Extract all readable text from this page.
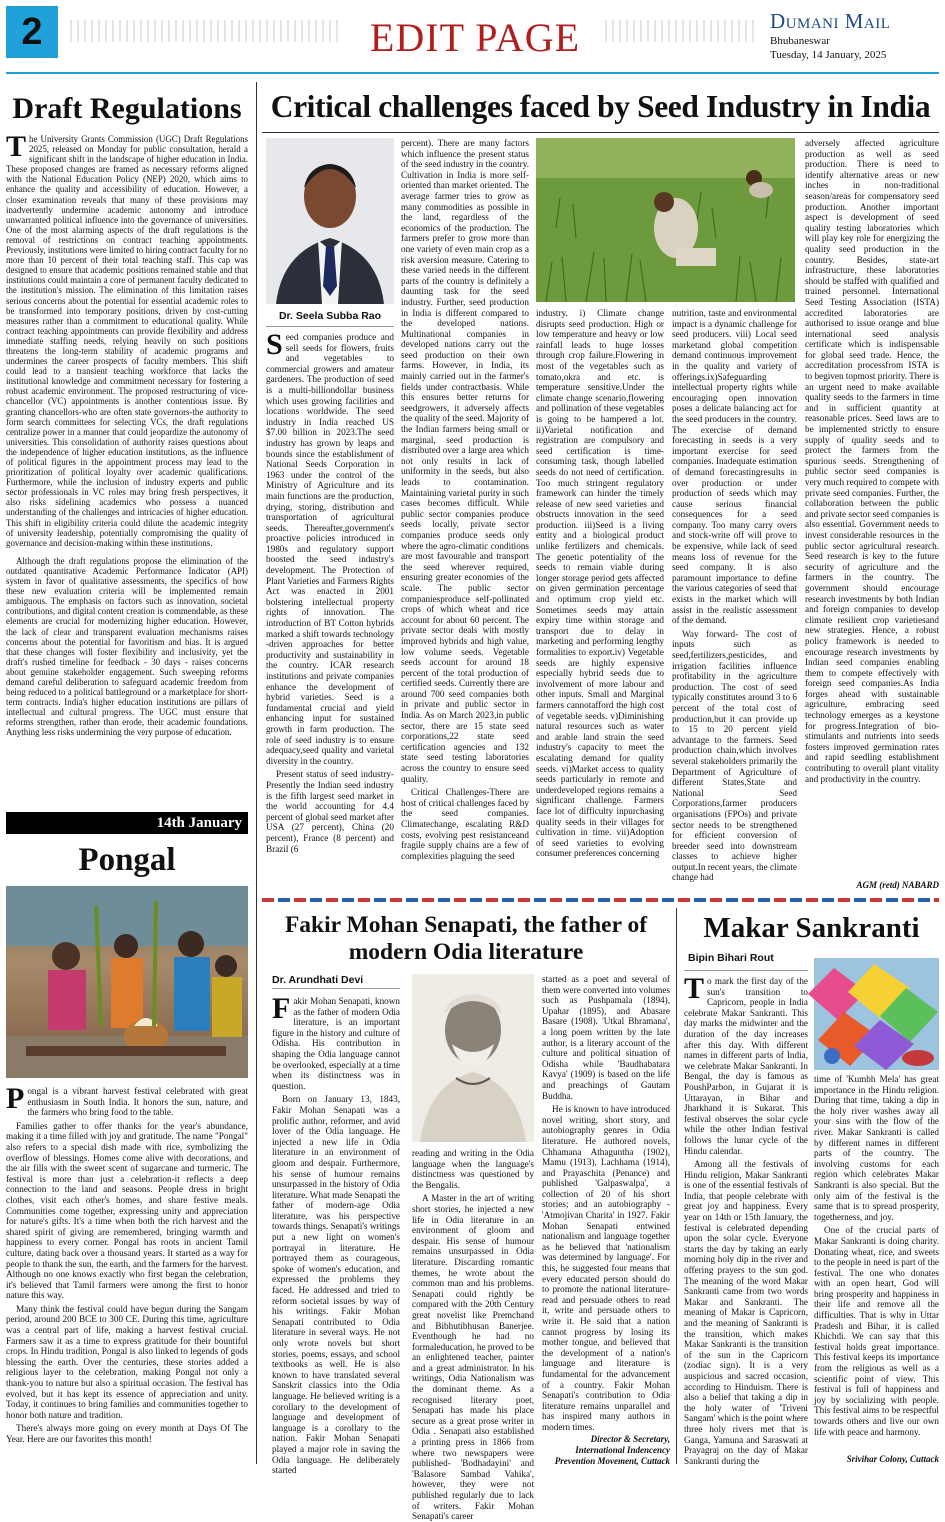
2	EDIT PAGE	Dumani Mail
Bhubaneswar
Tuesday, 14 January, 2025
Draft Regulations

The University Grants Commission (UGC) Draft Regulations 2025, released on Monday for public consultation, herald a significant shift in the landscape of higher education in India. These proposed changes are framed as necessary reforms aligned with the National Education Policy (NEP) 2020, which aims to enhance the quality and accessibility of education. However, a closer examination reveals that many of these provisions may inadvertently undermine academic autonomy and introduce unwarranted political influence into the governance of universities. One of the most alarming aspects of the draft regulations is the removal of restrictions on contract teaching appointments. Previously, institutions were limited to hiring contract faculty for no more than 10 percent of their total teaching staff. This cap was designed to ensure that academic positions remained stable and that institutions could maintain a core of permanent faculty dedicated to the institution's mission. The elimination of this limitation raises serious concerns about the potential for essential academic roles to be transformed into temporary positions, driven by cost-cutting measures rather than a commitment to educational quality. While contract teaching appointments can provide flexibility and address immediate staffing needs, relying heavily on such positions threatens the long-term stability of academic programs and undermines the career prospects of faculty members. This shift could lead to a transient teaching workforce that lacks the institutional knowledge and commitment necessary for fostering a robust academic environment. The proposed restructuring of vice-chancellor (VC) appointments is another contentious issue. By granting chancellors-who are often state governors-the authority to form search committees for selecting VCs, the draft regulations centralize power in a manner that could jeopardize the autonomy of universities. This consolidation of authority raises questions about the independence of higher education institutions, as the influence of political figures in the appointment process may lead to the prioritization of political loyalty over academic qualifications. Furthermore, while the inclusion of industry experts and public sector professionals in VC roles may bring fresh perspectives, it also risks sidelining academics who possess a nuanced understanding of the challenges and intricacies of higher education. This shift in eligibility criteria could dilute the academic integrity of university leadership, potentially compromising the quality of governance and decision-making within these institutions.

Although the draft regulations propose the elimination of the outdated quantitative Academic Performance Indicator (API) system in favor of qualitative assessments, the specifics of how these new evaluation criteria will be implemented remain ambiguous. The emphasis on factors such as innovation, societal contributions, and digital content creation is commendable, as these elements are crucial for modernizing higher education. However, the lack of clear and transparent evaluation mechanisms raises concerns about the potential for favoritism and bias. It is argued that these changes will foster flexibility and inclusivity, yet the draft's rushed timeline for feedback - 30 days - raises concerns about genuine stakeholder engagement. Such sweeping reforms demand careful deliberation to safeguard academic freedom from being reduced to a political battleground or a marketplace for short-term contracts. India's higher education institutions are pillars of intellectual and cultural progress. The UGC must ensure that reforms strengthen, rather than erode, their academic foundations. Anything less risks undermining the very purpose of education.

14th January
Pongal

Pongal is a vibrant harvest festival celebrated with great enthusiasm in South India. It honors the sun, nature, and the farmers who bring food to the table.

Families gather to offer thanks for the year's abundance, making it a time filled with joy and gratitude. The name "Pongal" also refers to a special dish made with rice, symbolizing the overflow of blessings. Homes come alive with decorations, and the air fills with the sweet scent of sugarcane and turmeric. The festival is more than just a celebration-it reflects a deep connection to the land and seasons. People dress in bright clothes, visit each other's homes, and share festive meals. Communities come together, expressing unity and appreciation for nature's gifts. It's a time when both the rich harvest and the shared spirit of giving are remembered, bringing warmth and happiness to every corner. Pongal has roots in ancient Tamil culture, dating back over a thousand years. It started as a way for people to thank the sun, the earth, and the farmers for the harvest. Although no one knows exactly who first began the celebration, it's believed that Tamil farmers were among the first to honor nature this way.

Many think the festival could have begun during the Sangam period, around 200 BCE to 300 CE. During this time, agriculture was a central part of life, making a harvest festival crucial. Farmers saw it as a time to express gratitude for their bountiful crops. In Hindu tradition, Pongal is also linked to legends of gods blessing the earth. Over the centuries, these stories added a religious layer to the celebration, making Pongal not only a thank-you to nature but also a spiritual occasion. The festival has evolved, but it has kept its essence of appreciation and unity. Today, it continues to bring families and communities together to honor both nature and tradition.

There's always more going on every month at Days Of The Year. Here are our favorites this month!

Critical challenges faced by Seed Industry in India
Dr. Seela Subba Rao

Seed companies produce and sell seeds for flowers, fruits and vegetables to commercial growers and amateur gardeners. The production of seed is a multi-billiondollar business which uses growing facilities and locations worldwide. The seed industry in India reached US $7.00 billion in 2023.The seed industry has grown by leaps and bounds since the establishment of National Seeds Corporation in 1963 under the control of the Ministry of Agriculture and its main functions are the production, drying, storing, distribution and transportation of agricultural seeds. Thereafter,government's proactive policies introduced in 1980s and regulatory support boosted the seed industry's development. The Protection of Plant Varieties and Farmers Rights Act was enacted in 2001 bolstering intellectual property rights of innovation. The introduction of BT Cotton hybrids marked a shift towards technology -driven approaches for better productivity and sustainability in the country. ICAR research institutions and private companies enhance the development of hybrid varieties. Seed is a fundamental crucial and yield enhancing input for sustained growth in farm production. The role of seed industry is to ensure adequacy,seed quality and varietal diversity in the country.

Present status of seed industry- Presently the Indian seed industry is the fifth largest seed market in the world accounting for 4.4 percent of global seed market after USA (27 percent), China (20 percent), France (8 percent) and Brazil (6

percent). There are many factors which influence the present status of the seed industry in the country. Cultivation in India is more self-oriented than market oriented. The average farmer tries to grow as many commodities as possible in the land, regardless of the economics of the production. The farmers prefer to grow more than one variety of even main crop as a risk aversion measure. Catering to these varied needs in the different parts of the country is definitely a daunting task for the seed industry. Further, seed production in India is different compared to the developed nations. Multinational companies in developed nations carry out the seed production on their own farms. However, in India, its mainly carried out in the farmer's fields under contractbasis. While this ensures better returns for seedgrowers, it adversely affects the quality of the seed. Majority of the Indian farmers being small or marginal, seed production is distributed over a large area which not only results in lack of uniformity in the seeds, but also leads to contamination. Maintaining varietal purity in such cases becomes difficult. While public sector companies produce seeds locally, private sector companies produce seeds only where the agro-climatic conditions are most favourable and transport the seed wherever required, ensuring greater economies of the scale. The public sector companiesproduce self-pollinated crops of which wheat and rice account for about 60 percent. The private sector deals with mostly improved hybrids and high value, low volume seeds. Vegetable seeds account for around 18 percent of the total production of certified seeds. Currently there are around 700 seed companies both in private and public sector in India. As on March 2023,in public sector, there are 15 state seed corporations,22 state seed certification agencies and 132 state seed testing laboratories across the country to ensure seed quality.

Critical Challenges-There are host of critical challenges faced by the seed companies. Climatechange, escalating R&D costs, evolving pest resistanceand fragile supply chains are a few of complexities plaguing the seed

industry. i) Climate change disrupts seed production. High or low temperature and heavy or low rainfall leads to huge losses through crop failure.Flowering in most of the vegetables such as tomato,okra and etc. is temperature sensitive.Under the climate change scenario,flowering and pollination of these vegetables is going to be hampered a lot. ii)Varietal notification and registration are compulsory and seed certification is time-consuming task, though labelled seeds do not need of certification. Too much stringent regulatory framework can hinder the timely release of new seed varieties and obstructs innovation in the seed production. iii)Seed is a living entity and a biological product unlike fertilizers and chemicals. The genetic potentiality of the seeds to remain viable during longer storage period gets affected on given germination percentage and optimum crop yield etc. Sometimes seeds may attain expiry time within storage and transport due to delay in marketing and performing lengthy formalities to export.iv) Vegetable seeds are highly expensive especially hybrid seeds due to involvement of more labour and other inputs. Small and Marginal farmers cannotafford the high cost of vegetable seeds. v)Diminishing natural resources such as water and arable land strain the seed industry's capacity to meet the escalating demand for quality seeds. vi)Market access to quality seeds particularly in remote and underdeveloped regions remains a significant challenge. Farmers face lot of difficulty inpurchasing quality seeds in their villages for cultivation in time. vii)Adoption of seed varieties to evolving consumer preferences concerning

nutrition, taste and environmental impact is a dynamic challenge for seed producers. viii) Local seed marketand global competition demand continuous improvement in the quality and variety of offerings.ix)Safeguarding intellectual property rights while encouraging open innovation poses a delicate balancing act for the seed producers in the country. The exercise of demand forecasting in seeds is a very important exercise for seed companies. Inadequate estimation of demand forecastingresults in over production or under production of seeds which may cause serious financial consequences for a seed company. Too many carry overs and stock-write off will prove to be expensive, while lack of seed means loss of revenue for the seed company. It is also paramount importance to define the various categories of seed that exists in the market which will assist in the realistic assessment of the demand.

Way forward- The cost of inputs such as seed,fertilizers,pesticides, and irrigation facilities influence profitability in the agriculture production. The cost of seed typically constitutes around 3 to 6 percent of the total cost of production,but it can provide up to 15 to 20 percent yield advantage to the farmers. Seed production chain,which involves several stakeholders primarily the Department of Agriculture of different States,State and National Seed Corporations,farmer producers organisations (FPOs) and private sector needs to be strengthened for efficient conversion of breeder seed into downstream classes to achieve higher output.In recent years, the climate change had

adversely affected agriculture production as well as seed production. There is need to identify alternative areas or new inches in non-traditional season/areas for compensatory seed production. Another important aspect is development of seed quality testing laboratories which will play key role for energizing the quality seed production in the country. Besides, state-art infrastructure, these laboratories should be staffed with qualified and trained personnel. International Seed Testing Association (ISTA) accredited laboratories are authorised to issue orange and blue international seed analysis certificate which is indispensable for global seed trade. Hence, the accreditation processfrom ISTA is to begiven topmost priority. There is an urgent need to make available quality seeds to the farmers in time and in sufficient quantity at reasonable prices. Seed laws are to be implemented strictly to ensure supply of quality seeds and to protect the farmers from the spurious seeds. Strengthening of public sector seed companies is very much required to compete with private seed companies. Further, the collaboration between the public and private sector seed companies is also essential. Government needs to invest considerable resources in the public sector agricultural research. Seed research is key to the future security of agriculture and the farmers in the country. The government should encourage research investments by both Indian and foreign companies to develop climate resilient crop varietiesand new strategies. Hence, a robust policy framework is needed to encourage research investments by Indian seed companies enabling them to compete effectively with foreign seed companies.As India forges ahead with sustainable agriculture, embracing seed technology emerges as a keystone for progress.Integration of bio-stimulants and nutrients into seeds fosters improved germination rates and rapid seedling establishment contributing to overall plant vitality and productivity in the country.

AGM (retd) NABARD
Fakir Mohan Senapati, the father of modern Odia literature
Dr. Arundhati Devi

Fakir Mohan Senapati, known as the father of modern Odia literature, is an important figure in the history and culture of Odisha. His contribution in shaping the Odia language cannot be overlooked, especially at a time when its distinctness was in question.

Born on January 13, 1843, Fakir Mohan Senapati was a prolific author, reformer, and avid lover of the Odia language. He injected a new life in Odia literature in an environment of gloom and despair. Furthermore, his sense of humour remains unsurpassed in the history of Odia literature. What made Senapati the father of modern-age Odia literature, was his perspective towards things. Senapati's writings put a new light on women's portrayal in literature. He portrayed them as courageous, spoke of women's education, and expressed the problems they faced. He addressed and tried to reform societal issues by way of his writings. Fakir Mohan Senapati contributed to Odia literature in several ways. He not only wrote novels but short stories, poems, essays, and school textbooks as well. He is also known to have translated several Sanskrit classics into the Odia language. He believed writing is a corollary to the development of language and development of language is a corollary to the nation. Fakir Mohan Senapati played a major role in saving the Odia language. He deliberately started

reading and writing in the Odia language when the language's distinctness was questioned by the Bengalis.

A Master in the art of writing short stories, he injected a new life in Odia literature in an environment of gloom and despair. His sense of humour remains unsurpassed in Odia literature. Discarding romantic themes, he wrote about the common man and his problems. Senapati could rightly be compared with the 20th Century great novelist like Premchand and Bibhutibhusan Banerjee. Eventhough he had no formaleducation, he proved to be an enlightened teacher, painter and a great administrator. In his writings, Odia Nationalism was the dominant theme. As a recognised literary poet, Senapati has made his place secure as a great prose writer in Odia . Senapati also established a printing press in 1866 from where two newspapers were published- 'Bodhadayini' and 'Balasore Sambad Vahika', however, they were not published regularly due to lack of writers. Fakir Mohan Senapati's career

started as a poet and several of them were converted into volumes such as Pushpamala (1894), Upahar (1895), and Abasare Basare (1908). 'Utkal Bhramana', a long poem written by the late author, is a literary account of the culture and political situation of Odisha while 'Baudhabatara Kavya' (1909) is based on the life and preachings of Gautam Buddha.

He is known to have introduced novel writing, short story, and autobiography genres in Odia literature. He authored novels, Chhamana Athaguntha (1902), Mamu (1913), Lachhama (1914), and Prayaschita (Penance) and published 'Galpaswalpa', a collection of 20 of his short stories; and an autobiography - 'Atmojivan Charita' in 1927. Fakir Mohan Senapati entwined nationalism and language together as he believed that 'nationalism was determined by language'. For this, he suggested four means that every educated person should do to promote the national literature-read and persuade others to read it, write and persuade others to write it. He said that a nation cannot progress by losing its mother tongue, and believed that the development of a nation's language and literature is fundamental for the advancement of a country. Fakir Mohan Senapati's contribution to Odia literature remains unparallel and has inspired many authors in modern times.

Director & Secretary,
International Indencency
Prevention Movement, Cuttack
Makar Sankranti
Bipin Bihari Rout

To mark the first day of the sun's transition to Capricorn, people in India celebrate Makar Sankranti. This day marks the midwinter and the duration of the day increases after this day. With different names in different parts of India, we celebrate Makar Sankranti. In Bengal, the day is famous as PoushParbon, in Gujarat it is Uttarayan, in Bihar and Jharkhand it is Sukarat. This festival observes the solar cycle while the other Indian festival follows the lunar cycle of the Hindu calendar.

Among all the festivals of Hindu religion, Makar Sankranti is one of the essential festivals of India, that people celebrate with great joy and happiness. Every year on 14th or 15th January, the festival is celebrated depending upon the solar cycle. Everyone starts the day by taking an early morning holy dip in the river and offering prayers to the sun god. The meaning of the word Makar Sankranti came from two words Makar and Sankranti. The meaning of Makar is Capricorn, and the meaning of Sankranti is the transition, which makes Makar Sankranti is the transition of the sun in the Capricorn (zodiac sign). It is a very auspicious and sacred occasion, according to Hinduism. There is also a belief that taking a dip in the holy water of 'Triveni Sangam' which is the point where three holy rivers met that is Ganga, Yamuna and Saraswati at Prayagraj on the day of Makar Sankranti during the

time of 'Kumbh Mela' has great importance in the Hindu religion. During that time, taking a dip in the holy river washes away all your sins with the flow of the river. Makar Sankranti is called by different names in different parts of the country. The involving customs for each region which celebrates Makar Sankranti is also special. But the only aim of the festival is the same that is to spread prosperity, togetherness, and joy.

One of the crucial parts of Makar Sankranti is doing charity. Donating wheat, rice, and sweets to the people in need is part of the festival. The one who donates with an open heart, God will bring prosperity and happiness in their life and remove all the difficulties. That is why in Uttar Pradesh and Bihar, it is called Khichdi. We can say that this festival holds great importance. This festival keeps its importance from the religious as well as a scientific point of view. This festival is full of happiness and joy by socializing with people. This festival aims to be respectful towards others and live our own life with peace and harmony.

Srivihar Colony, Cuttack
